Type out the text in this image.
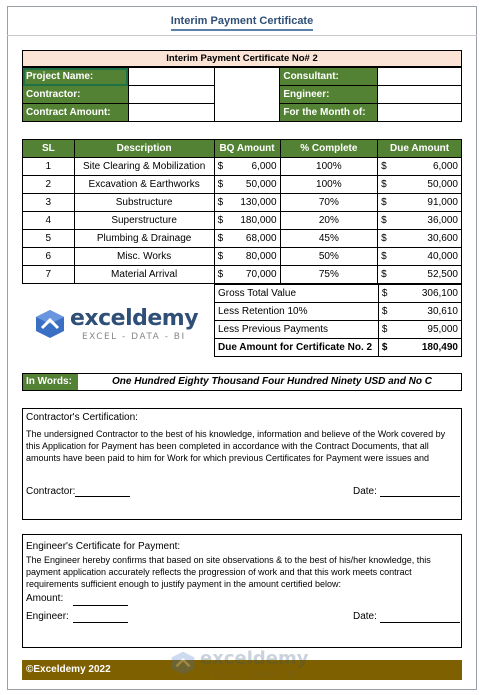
Interim Payment Certificate
Interim Payment Certificate No# 2
Project Name:			Consultant:	
Contractor:			Engineer:	
Contract Amount:			For the Month of:	
SL	Description	BQ Amount	% Complete	Due Amount
1	Site Clearing & Mobilization	$ 6,000	100%	$ 6,000

2	Excavation & Earthworks	$ 50,000	100%	$ 50,000

3	Substructure	$ 130,000	70%	$ 91,000

4	Superstructure	$ 180,000	20%	$ 36,000

5	Plumbing & Drainage	$ 68,000	45%	$ 30,600

6	Misc. Works	$ 80,000	50%	$ 40,000

7	Material Arrival	$ 70,000	75%	$ 52,500
exceldemy
EXCEL - DATA - BI
Gross Total Value	$ 306,100

Less Retention 10%	$ 30,610

Less Previous Payments	$ 95,000

Due Amount for Certificate No. 2	$ 180,490
In Words:	One Hundred Eighty Thousand Four Hundred Ninety USD and No C
Contractor's Certification:
The undersigned Contractor to the best of his knowledge, information and believe of the Work covered by this Application for Payment has been completed in accordance with the Contract Documents, that all amounts have been paid to him for Work for which previous Certificates for Payment were issues and
Contractor:	Date:
Engineer's Certificate for Payment:
The Engineer hereby confirms that based on site observations & to the best of his/her knowledge, this payment application accurately reflects the progression of work and that this work meets contract requirements sufficient enough to justify payment in the amount certified below:
Amount:
Engineer:	Date:
©Exceldemy 2022
exceldemy
EXCEL - DATA - BI
